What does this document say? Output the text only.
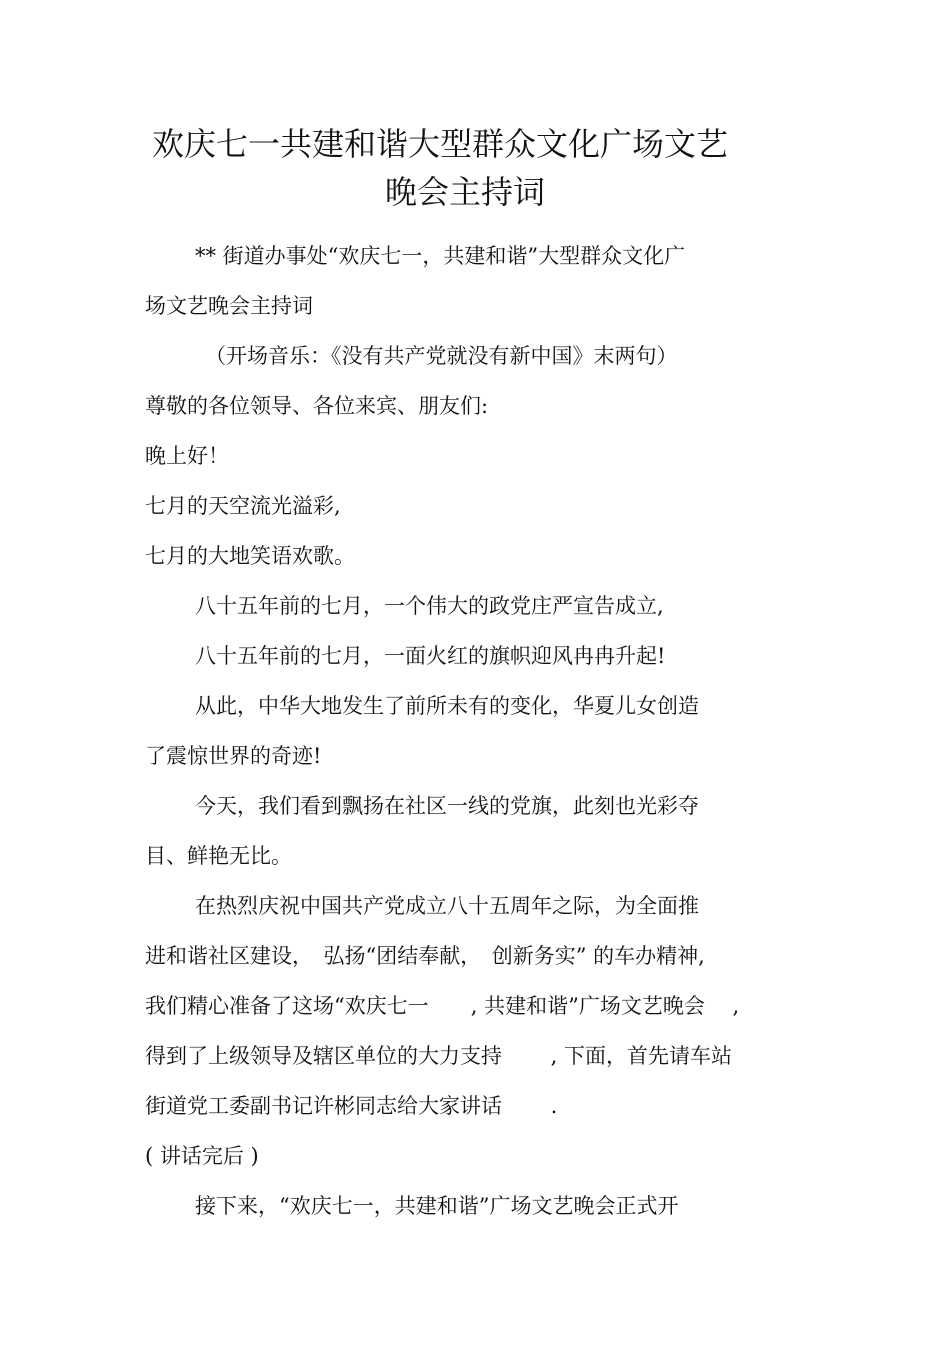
欢庆七一共建和谐大型群众文化广场文艺
晚会主持词
** 街道办事处“欢庆七一，共建和谐”大型群众文化广
场文艺晚会主持词
（开场音乐：《没有共产党就没有新中国》末两句）
尊敬的各位领导、各位来宾、朋友们:
晚上好！
七月的天空流光溢彩,
七月的大地笑语欢歌。
八十五年前的七月，一个伟大的政党庄严宣告成立,
八十五年前的七月，一面火红的旗帜迎风冉冉升起!
从此，中华大地发生了前所未有的变化，华夏儿女创造
了震惊世界的奇迹!
今天，我们看到飘扬在社区一线的党旗，此刻也光彩夺
目、鲜艳无比。
在热烈庆祝中国共产党成立八十五周年之际，为全面推
进和谐社区建设，　弘扬“团结奉献，　创新务实” 的车办精神,
我们精心准备了这场“欢庆七一　　, 共建和谐”广场文艺晚会　 ,
得到了上级领导及辖区单位的大力支持　　 , 下面，首先请车站
街道党工委副书记许彬同志给大家讲话　　 .
( 讲话完后 )
接下来，“欢庆七一，共建和谐”广场文艺晚会正式开
